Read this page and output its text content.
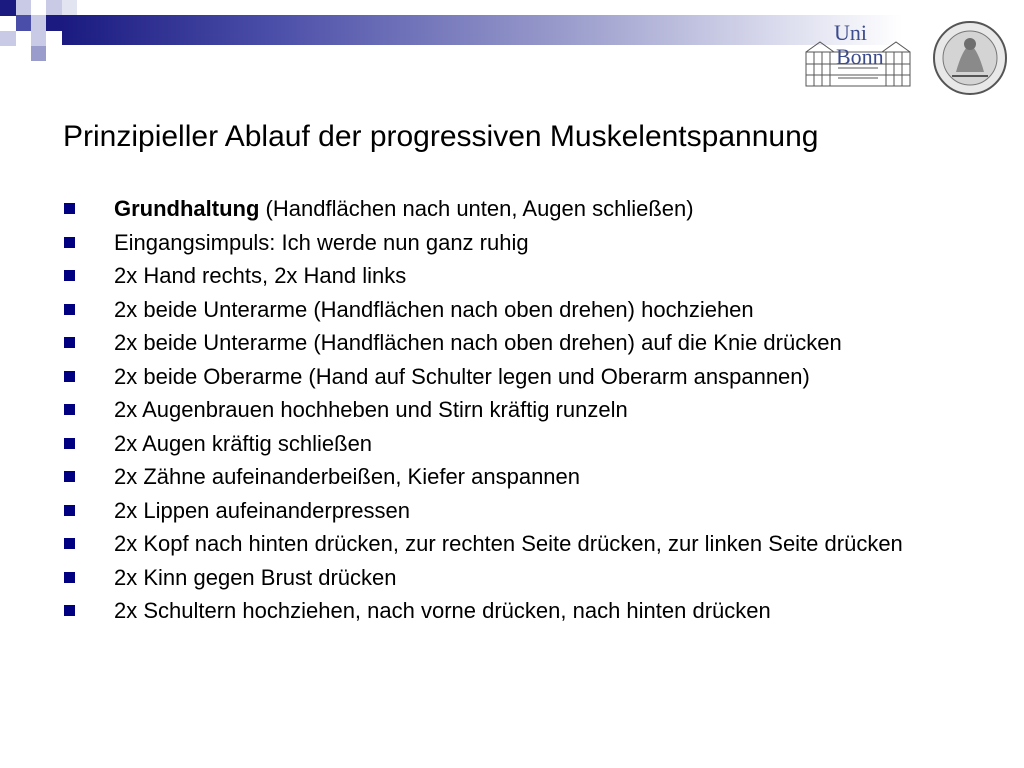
Uni
Bonn
Prinzipieller Ablauf der progressiven Muskelentspannung
Grundhaltung (Handflächen nach unten, Augen schließen)
Eingangsimpuls: Ich werde nun ganz ruhig
2x Hand rechts, 2x Hand links
2x beide Unterarme (Handflächen nach oben drehen) hochziehen
2x beide Unterarme (Handflächen nach oben drehen) auf die Knie drücken
2x beide Oberarme (Hand auf Schulter legen und Oberarm anspannen)
2x Augenbrauen hochheben und Stirn kräftig runzeln
2x Augen kräftig schließen
2x Zähne aufeinanderbeißen, Kiefer anspannen
2x Lippen aufeinanderpressen
2x Kopf nach hinten drücken, zur rechten Seite drücken, zur linken Seite drücken
2x Kinn gegen Brust drücken
2x Schultern hochziehen, nach vorne drücken, nach hinten drücken
